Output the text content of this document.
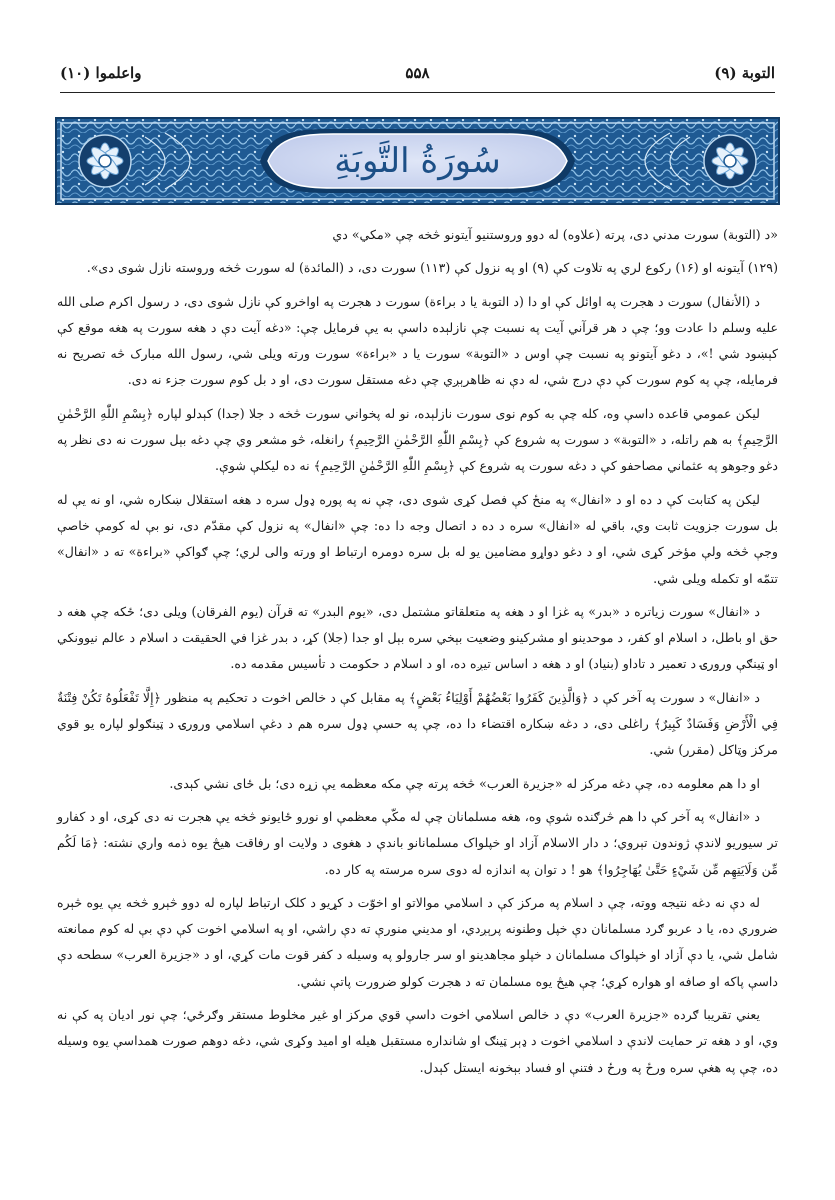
التوبة (۹)
۵۵۸
واعلموا (۱۰)
سُورَةُ التَّوبَةِ

«د (التوبة) سورت مدني دی، پرته (علاوه) له دوو وروستنیو آیتونو څخه چې «مکي» دي

(۱۲۹) آیتونه او (۱۶) رکوع لري په تلاوت کې (۹) او په نزول کې (۱۱۳) سورت دی، د (المائدة) له سورت څخه وروسته نازل شوی دی».

د (الأنفال) سورت د هجرت په اوائل کې او دا (د التوبة یا د براءة) سورت د هجرت په اواخرو کې نازل شوی دی، د رسول اکرم صلی الله علیه وسلم دا عادت وو؛ چې د هر قرآني آیت په نسبت چې نازلېده داسې به یې فرمایل چې: «دغه آیت دې د هغه سورت په هغه موقع کې کېښود شي !»، د دغو آیتونو په نسبت چې اوس د «التوبة» سورت یا د «براءة» سورت ورته ویلی شي، رسول الله مبارک څه تصریح نه فرمایله، چې په کوم سورت کې دې درج شي، له دې نه ظاهرېږي چې دغه مستقل سورت دی، او د بل کوم سورت جزء نه دی.

لیکن عمومي قاعده داسې وه، کله چې به کوم نوی سورت نازلېده، نو له پخواني سورت څخه د جلا (جدا) کېدلو لپاره ﴿بِسْمِ اللّٰهِ الرَّحْمٰنِ الرَّحِيمِ﴾ به هم راتله، د «التوبة» د سورت په شروع کې ﴿بِسْمِ اللّٰهِ الرَّحْمٰنِ الرَّحِيمِ﴾ رانغله، څو مشعر وي چې دغه بېل سورت نه دی نظر په دغو وجوهو په عثماني مصاحفو کې د دغه سورت په شروع کې ﴿بِسْمِ اللّٰهِ الرَّحْمٰنِ الرَّحِيمِ﴾ نه ده لیکلې شوې.

لیکن په کتابت کې د ده او د «انفال» په منځ کې فصل کړی شوی دی، چې نه په پوره ډول سره د هغه استقلال ښکاره شي، او نه یې له بل سورت جزویت ثابت وي، باقي له «انفال» سره د ده د اتصال وجه دا ده: چې «انفال» په نزول کې مقدّم دی، نو بې له کومې خاصې وجې څخه ولې مؤخر کړی شي، او د دغو دواړو مضامین یو له بل سره دومره ارتباط او ورته والی لري؛ چې ګواکې «براءة» ته د «انفال» تتمّه او تکمله ویلی شي.

د «انفال» سورت زیاتره د «بدر» په غزا او د هغه په متعلقاتو مشتمل دی، «یوم البدر» ته قرآن (یوم الفرقان) ویلی دی؛ ځکه چې هغه د حق او باطل، د اسلام او کفر، د موحدینو او مشرکینو وضعیت بېخي سره بېل او جدا (جلا) کړ، د بدر غزا في الحقیقت د اسلام د عالم نیوونکي او ټینګې ورورۍ د تعمیر د تاداو (بنیاد) او د هغه د اساس تیږه ده، او د اسلام د حکومت د تأسیس مقدمه ده.

د «انفال» د سورت په آخر کې د ﴿وَالَّذِينَ كَفَرُوا بَعْضُهُمْ أَوْلِيَاءُ بَعْضٍ﴾ په مقابل کې د خالص اخوت د تحکیم په منظور ﴿إِلَّا تَفْعَلُوهُ تَكُنْ فِتْنَةٌ فِي الْأَرْضِ وَفَسَادٌ كَبِيرٌ﴾ راغلی دی، د دغه ښکاره اقتضاء دا ده، چې په حسې ډول سره هم د دغې اسلامي ورورۍ د ټینګولو لپاره یو قوي مرکز وټاکل (مقرر) شي.

او دا هم معلومه ده، چې دغه مرکز له «جزیرة العرب» څخه پرته چې مکه معظمه یې زړه دی؛ بل ځای نشي کېدی.

د «انفال» په آخر کې دا هم څرګنده شوې وه، هغه مسلمانان چې له مکّې معظمې او نورو ځایونو څخه یې هجرت نه دی کړی، او د کفارو تر سیوریو لاندې ژوندون تېروي؛ د دار الاسلام آزاد او خپلواک مسلمانانو باندې د هغوی د ولایت او رفاقت هیڅ یوه ذمه واري نشته: ﴿مَا لَكُم مِّن وَلَايَتِهِم مِّن شَيْءٍ حَتَّىٰ يُهَاجِرُوا﴾ هو ! د توان په اندازه له دوی سره مرسته په کار ده.

له دې نه دغه نتیجه ووته، چې د اسلام په مرکز کې د اسلامي موالاتو او اخوّت د کړیو د کلک ارتباط لپاره له دوو څېرو څخه یې یوه څېره ضروري ده، یا د عربو ګرد مسلمانان دې خپل وطنونه پرېږدي، او مدیني منورې ته دې راشي، او په اسلامي اخوت کې دې بې له کوم ممانعته شامل شي، یا دې آزاد او خپلواک مسلمانان د خپلو مجاهدینو او سر جارولو په وسیله د کفر قوت مات کړي، او د «جزیرة العرب» سطحه دې داسې پاکه او صافه او هواره کړي؛ چې هیڅ یوه مسلمان ته د هجرت کولو ضرورت پاتې نشي.

یعني تقریبا ګرده «جزیرة العرب» دې د خالص اسلامي اخوت داسې قوي مرکز او غیر مخلوط مستقر وګرځي؛ چې نور ادیان په کې نه وي، او د هغه تر حمایت لاندې د اسلامي اخوت د ډېر ټینګ او شانداره مستقبل هیله او امید وکړی شي، دغه دوهم صورت همداسې یوه وسیله ده، چې په هغې سره ورځ په ورځ د فتنې او فساد بېخونه ایستل کېدل.
